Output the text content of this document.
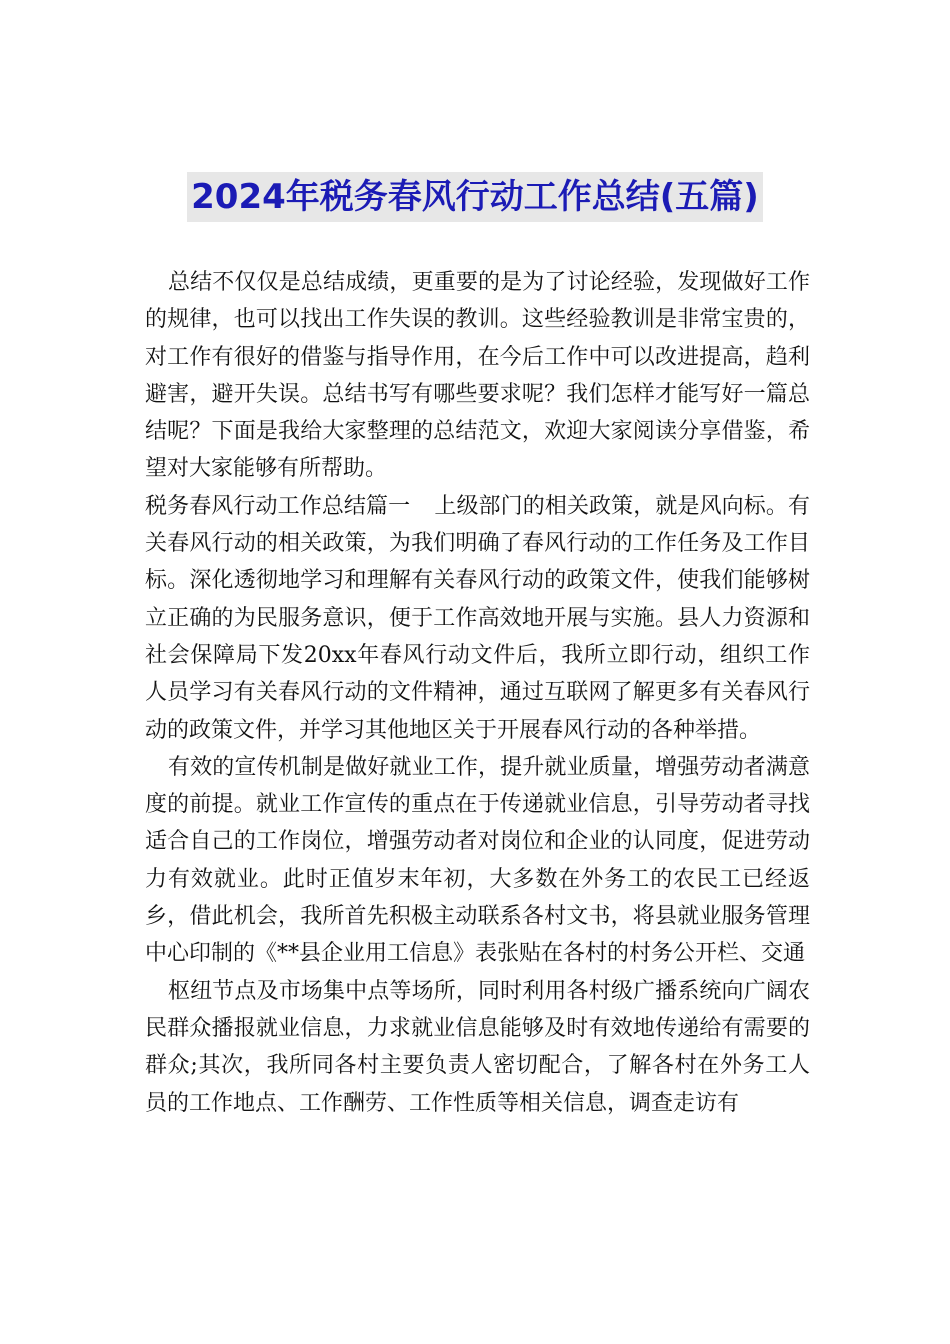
2024年税务春风行动工作总结(五篇)

总结不仅仅是总结成绩，更重要的是为了讨论经验，发现做好工作的规律，也可以找出工作失误的教训。这些经验教训是非常宝贵的，对工作有很好的借鉴与指导作用，在今后工作中可以改进提高，趋利避害，避开失误。总结书写有哪些要求呢？我们怎样才能写好一篇总结呢？下面是我给大家整理的总结范文，欢迎大家阅读分享借鉴，希望对大家能够有所帮助。

税务春风行动工作总结篇一 上级部门的相关政策，就是风向标。有关春风行动的相关政策，为我们明确了春风行动的工作任务及工作目标。深化透彻地学习和理解有关春风行动的政策文件，使我们能够树立正确的为民服务意识，便于工作高效地开展与实施。县人力资源和社会保障局下发20xx年春风行动文件后，我所立即行动，组织工作人员学习有关春风行动的文件精神，通过互联网了解更多有关春风行动的政策文件，并学习其他地区关于开展春风行动的各种举措。

有效的宣传机制是做好就业工作，提升就业质量，增强劳动者满意度的前提。就业工作宣传的重点在于传递就业信息，引导劳动者寻找适合自己的工作岗位，增强劳动者对岗位和企业的认同度，促进劳动力有效就业。此时正值岁末年初，大多数在外务工的农民工已经返乡，借此机会，我所首先积极主动联系各村文书，将县就业服务管理中心印制的《**县企业用工信息》表张贴在各村的村务公开栏、交通

枢纽节点及市场集中点等场所，同时利用各村级广播系统向广阔农民群众播报就业信息，力求就业信息能够及时有效地传递给有需要的群众;其次，我所同各村主要负责人密切配合，了解各村在外务工人员的工作地点、工作酬劳、工作性质等相关信息，调查走访有
